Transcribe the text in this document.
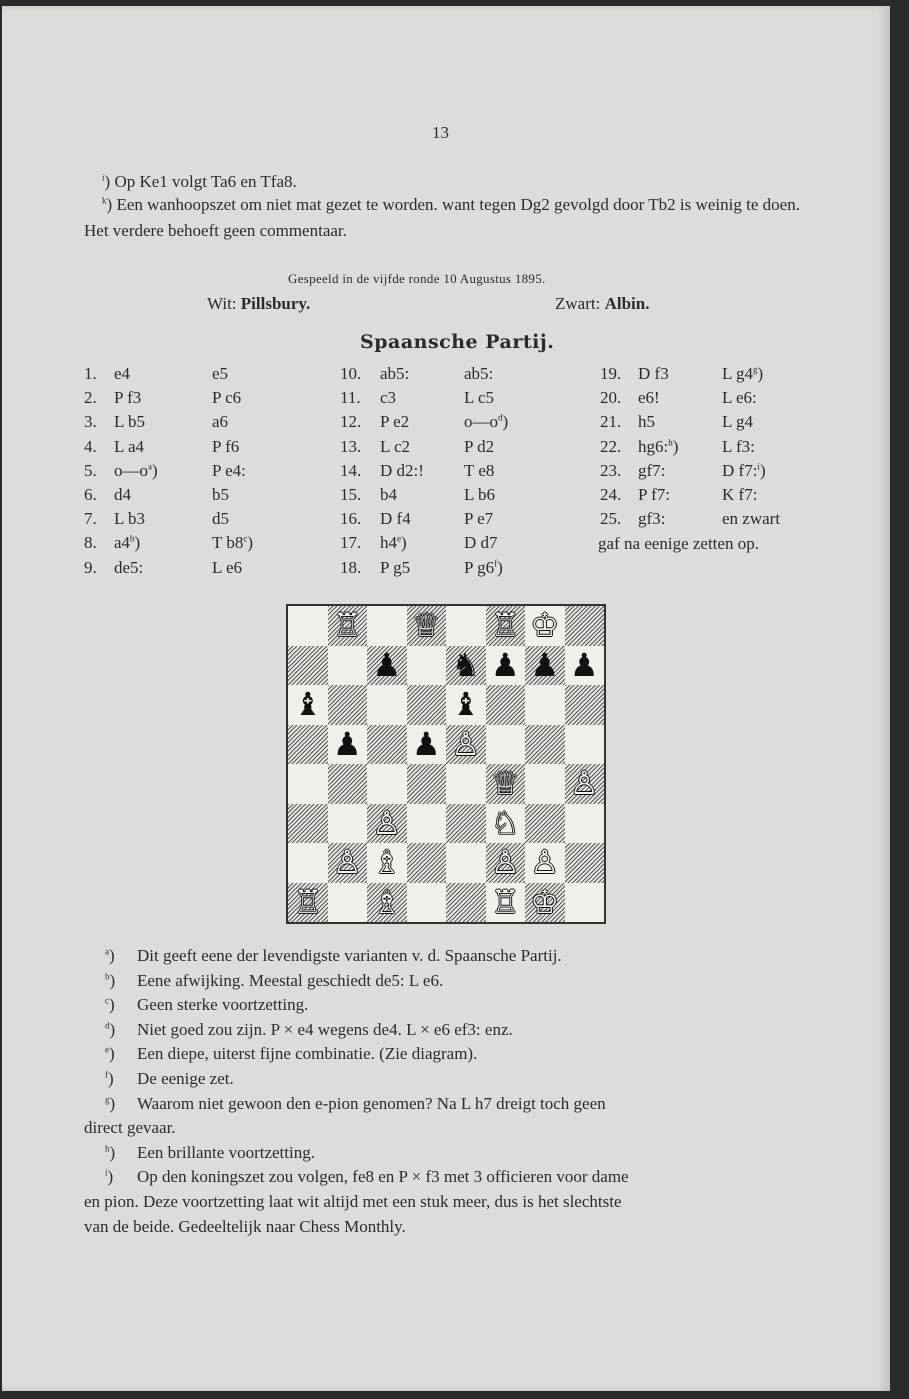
13
$^i$) Op Ke1 volgt Ta6 en Tfa8.
$^k$) Een wanhoopszet om niet mat gezet te worden. want tegen Dg2 gevolgd door Tb2 is weinig te doen. Het verdere behoeft geen commentaar.
Gespeeld in de vijfde ronde 10 Augustus 1895.
Wit: Pillsbury.	Zwart: Albin.
Spaansche Partij.
1. e4	e5
2. P f3	P c6
3. L b5	a6
4. L a4	P f6
5. $o—o^a$)	P e4:
6. d4	b5
7. L b3	d5
8. a4$^b$)	T b8$^c$)
9. de5:	L e6
10. ab5:	ab5:
11. c3	L c5
12. P e2	$o—o^d$)
13. L c2	P d2
14. D d2:! T e8
15. b4	L b6
16. D f4	P e7
17. h4e)	D d7
18. P g5	P g6$^f$)
19. D f3	L g4$^g$)
20. e6!	L e6:
21. h5	L g4
22. hg6:$^h$)	L f3:
23. gf7:	D f7:$^i$)
24. P f7:	K f7:
25. gf3:	en zwart
gaf na eenige zetten op.
♖ ♕ ♖ ♔
♟ ♞ ♟ ♟ ♟
♝	♝
♟ ♟ ♙
♕ ♙
♙	♘
♙ ♗	♙ ♙
♖ ♗	♖ ♔
$^a$) Dit geeft eene der levendigste varianten v. d. Spaansche Partij.
$^b$) Eene afwijking. Meestal geschiedt de5: L e6.
$^c$) Geen sterke voortzetting.
$^d$) Niet goed zou zijn. P × e4 wegens de4. L × e6 ef3: enz.
$^e$) Een diepe, uiterst fijne combinatie. (Zie diagram).
$^f$) De eenige zet.
$^g$) Waarom niet gewoon den e-pion genomen? Na L h7 dreigt toch geen
direct gevaar.
$^h$) Een brillante voortzetting.
$^i$) Op den koningszet zou volgen, fe8 en P × f3 met 3 officieren voor dame
en pion. Deze voortzetting laat wit altijd met een stuk meer, dus is het slechtste
van de beide. Gedeeltelijk naar Chess Monthly.
